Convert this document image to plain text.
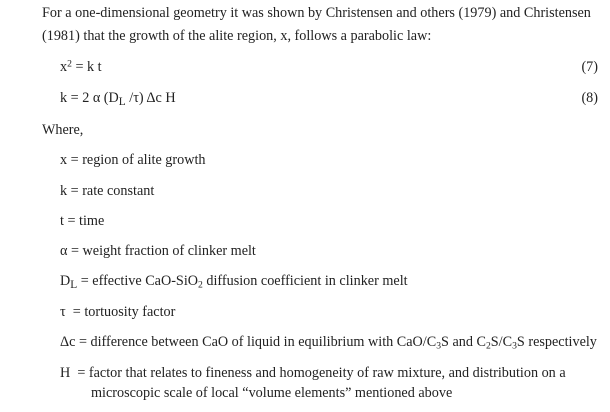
For a one-dimensional geometry it was shown by Christensen and others (1979) and Christensen
(1981) that the growth of the alite region, x, follows a parabolic law:
$x^2 = k$ t	(7)
k = 2 α ($D_L$ /τ) Δc H	(8)
Where,
x = region of alite growth
k = rate constant
t = time
α = weight fraction of clinker melt
$D_L$ = effective CaO-SiO$_2$ diffusion coefficient in clinker melt
τ  = tortuosity factor
Δc = difference between CaO of liquid in equilibrium with CaO/$C_3S$ and $C_2S/C_3S$ respectively
H  = factor that relates to fineness and homogeneity of raw mixture, and distribution on a
microscopic scale of local “volume elements” mentioned above
